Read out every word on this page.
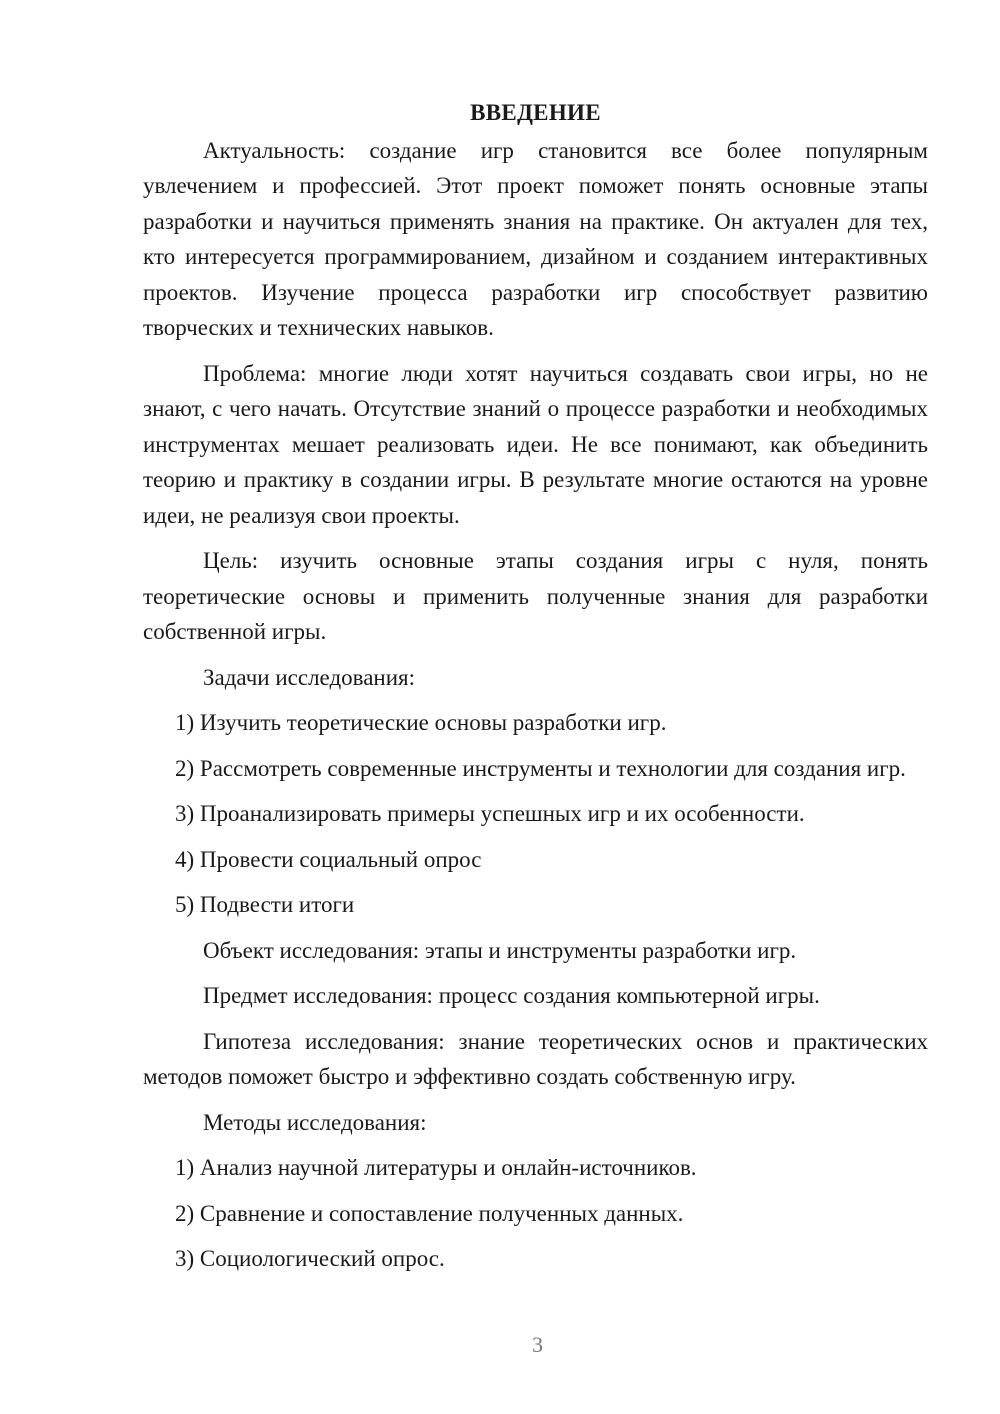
ВВЕДЕНИЕ

Актуальность: создание игр становится все более популярным увлечением и профессией. Этот проект поможет понять основные этапы разработки и научиться применять знания на практике. Он актуален для тех, кто интересуется программированием, дизайном и созданием интерактивных проектов. Изучение процесса разработки игр способствует развитию творческих и технических навыков.

Проблема: многие люди хотят научиться создавать свои игры, но не знают, с чего начать. Отсутствие знаний о процессе разработки и необходимых инструментах мешает реализовать идеи. Не все понимают, как объединить теорию и практику в создании игры. В результате многие остаются на уровне идеи, не реализуя свои проекты.

Цель: изучить основные этапы создания игры с нуля, понять теоретические основы и применить полученные знания для разработки собственной игры.

Задачи исследования:

1) Изучить теоретические основы разработки игр.

2) Рассмотреть современные инструменты и технологии для создания игр.

3) Проанализировать примеры успешных игр и их особенности.

4) Провести социальный опрос

5) Подвести итоги

Объект исследования: этапы и инструменты разработки игр.

Предмет исследования: процесс создания компьютерной игры.

Гипотеза исследования: знание теоретических основ и практических методов поможет быстро и эффективно создать собственную игру.

Методы исследования:

1) Анализ научной литературы и онлайн-источников.

2) Сравнение и сопоставление полученных данных.

3) Социологический опрос.

3
